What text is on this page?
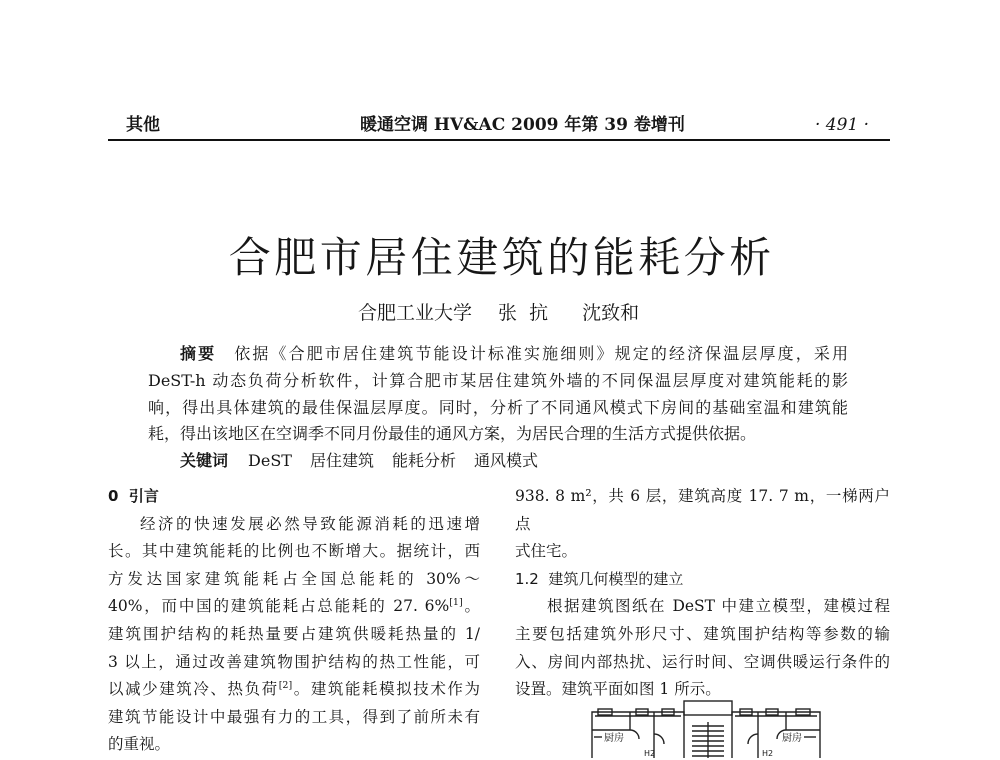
其他	暖通空调 HV&AC 2009 年第 39 卷增刊	· 491 ·
合肥市居住建筑的能耗分析
合肥工业大学 张  抗 沈致和
摘要 依据《合肥市居住建筑节能设计标准实施细则》规定的经济保温层厚度，采用
DeST-h 动态负荷分析软件，计算合肥市某居住建筑外墙的不同保温层厚度对建筑能耗的影
响，得出具体建筑的最佳保温层厚度。同时，分析了不同通风模式下房间的基础室温和建筑能
耗，得出该地区在空调季不同月份最佳的通风方案，为居民合理的生活方式提供依据。
关键词 DeST 居住建筑 能耗分析 通风模式
0  引言
经济的快速发展必然导致能源消耗的迅速增
长。其中建筑能耗的比例也不断增大。据统计，西
方发达国家建筑能耗占全国总能耗的 30%～
40%，而中国的建筑能耗占总能耗的 27. 6%[1]。
建筑围护结构的耗热量要占建筑供暖耗热量的 1/
3 以上，通过改善建筑物围护结构的热工性能，可
以减少建筑冷、热负荷[2]。建筑能耗模拟技术作为
建筑节能设计中最强有力的工具，得到了前所未有
的重视。
938. 8 m²，共 6 层，建筑高度 17. 7 m，一梯两户点
式住宅。
1.2  建筑几何模型的建立
根据建筑图纸在 DeST 中建立模型，建模过程
主要包括建筑外形尺寸、建筑围护结构等参数的输
入、房间内部热扰、运行时间、空调供暖运行条件的
设置。建筑平面如图 1 所示。
厨房	厨房
H2	H2
